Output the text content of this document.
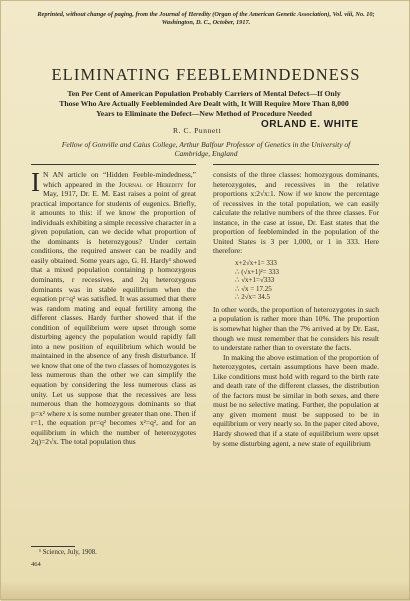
Reprinted, without change of paging, from the Journal of Heredity (Organ of the American Genetic Association), Vol. viii, No. 10; Washington, D. C., October, 1917.
ELIMINATING FEEBLEMINDEDNESS
Ten Per Cent of American Population Probably Carriers of Mental Defect—If Only Those Who Are Actually Feebleminded Are Dealt with, It Will Require More Than 8,000 Years to Eliminate the Defect—New Method of Procedure Needed
R. C. Punnett
ORLAND E. WHITE
Fellow of Gonville and Caius College, Arthur Balfour Professor of Genetics in the University of Cambridge, England

I N AN article on “Hidden Feeble-mindedness,” which appeared in the Journal of Heredity for May, 1917, Dr. E. M. East raises a point of great practical importance for students of eugenics. Briefly, it amounts to this: if we know the proportion of individuals exhibiting a simple recessive character in a given population, can we decide what proportion of the dominants is heterozygous? Under certain conditions, the required answer can be readily and easily obtained. Some years ago, G. H. Hardy¹ showed that a mixed population containing p homozygous dominants, r recessives, and 2q heterozygous dominants was in stable equilibrium when the equation pr=q² was satisfied. It was assumed that there was random mating and equal fertility among the different classes. Hardy further showed that if the condition of equilibrium were upset through some disturbing agency the population would rapidly fall into a new position of equilibrium which would be maintained in the absence of any fresh disturbance. If we know that one of the two classes of homozygotes is less numerous than the other we can simplify the equation by considering the less numerous class as unity. Let us suppose that the recessives are less numerous than the homozygous dominants so that p=x² where x is some number greater than one. Then if r=1, the equation pr=q² becomes x²=q², and for an equilibrium in which the number of heterozygotes 2q)=2√x. The total population thus

consists of the three classes: homozygous dominants, heterozygotes, and recessives in the relative proportions x:2√x:1. Now if we know the percentage of recessives in the total population, we can easily calculate the relative numbers of the three classes. For instance, in the case at issue, Dr. East states that the proportion of feebleminded in the population of the United States is 3 per 1,000, or 1 in 333. Here therefore:

x+2√x+1= 333
∴ (√x+1)²= 333
∴ √x+1=√333
∴ √x = 17.25
∴ 2√x= 34.5

In other words, the proportion of heterozygotes in such a population is rather more than 10%. The proportion is somewhat higher than the 7% arrived at by Dr. East, though we must remember that he considers his result to understate rather than to overstate the facts.

In making the above estimation of the proportion of heterozygotes, certain assumptions have been made. Like conditions must hold with regard to the birth rate and death rate of the different classes, the distribution of the factors must be similar in both sexes, and there must be no selective mating. Further, the population at any given moment must be supposed to be in equilibrium or very nearly so. In the paper cited above, Hardy showed that if a state of equilibrium were upset by some disturbing agent, a new state of equilibrium

¹ Science, July, 1908.
464
